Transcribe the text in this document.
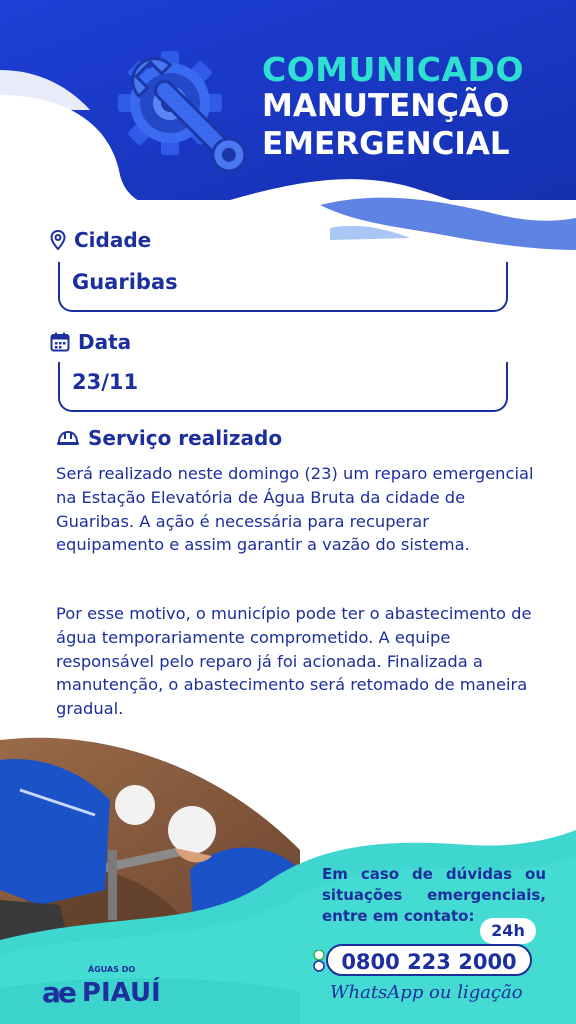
COMUNICADO
MANUTENÇÃO
EMERGENCIAL
Cidade
Guaribas
Data
23/11
Serviço realizado
Será realizado neste domingo (23) um reparo emergencial na Estação Elevatória de Água Bruta da cidade de Guaribas. A ação é necessária para recuperar equipamento e assim garantir a vazão do sistema.
Por esse motivo, o município pode ter o abastecimento de água temporariamente comprometido. A equipe responsável pelo reparo já foi acionada. Finalizada a manutenção, o abastecimento será retomado de maneira gradual.
Em caso de dúvidas ou situações emergenciais, entre em contato:
24h
0800 223 2000
WhatsApp ou ligação
ÁGUAS DO
ae PIAUÍ
